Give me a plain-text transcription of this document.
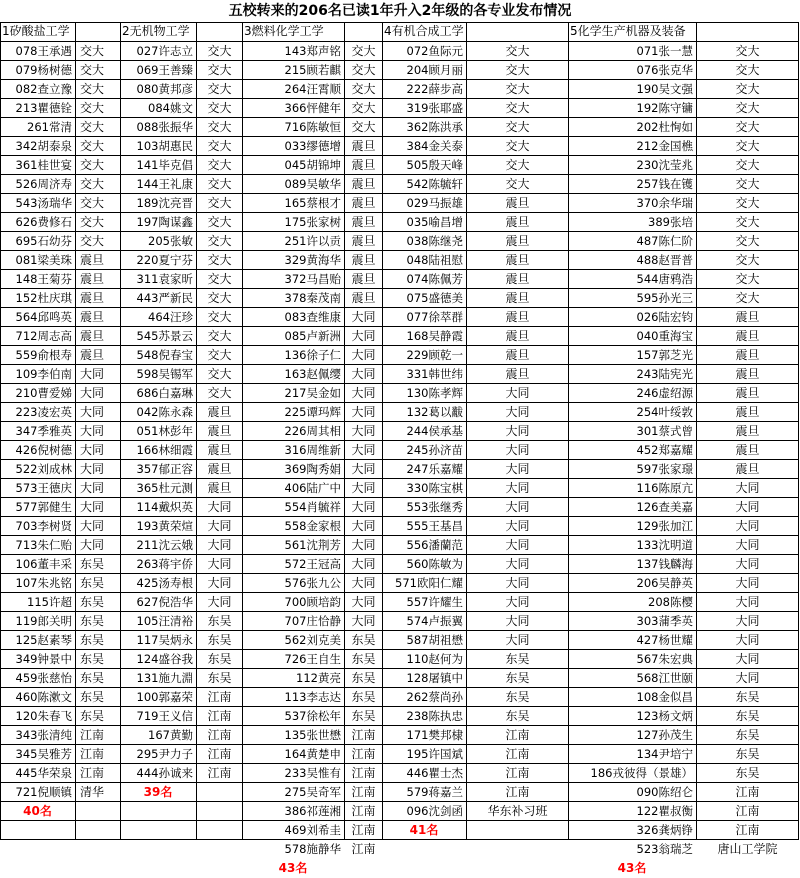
五校转来的206名已读1年升入2年级的各专业发布情况
1矽酸盐工学
078王承遇 交大
079杨树德 交大
082查立豫 交大
213瞿德铨 交大
261常清 交大
342胡泰泉 交大
361桂世宴 交大
526周济寿 交大
543汤瑞华 交大
626费修石 交大
695石幼芬 交大
081梁美珠 震旦
148王菊芬 震旦
152杜庆琪 震旦
564邱鸣英 震旦
712周志高 震旦
559俞根寿 震旦
109李伯南 大同
210曹爱娣 大同
223凌宏英 大同
347季雅英 大同
426倪树德 大同
522刘成林 大同
573王德庆 大同
577郭健生 大同
703李树贤 大同
713朱仁贻 大同
106董丰采 东吴
107朱兆铭 东吴
115许超 东吴
119郎关明 东吴
125赵素琴 东吴
349钟景中 东吴
459张慈怡 东吴
460陈漱文 东吴
120朱春飞 东吴
343张清纯 江南
345吴雅芳 江南
445华荣泉 江南
721倪顺镇 清华
40名
2无机物工学
027许志立	交大
069王善臻	交大
080黄邦彦	交大
084姚文	交大
088张振华	交大
103胡惠民	交大
141毕克倡	交大
144王礼康	交大
189沈亮晋	交大
197陶谋鑫	交大
205张敏	交大
220夏宁芬	交大
311袁家昕	交大
443严新民	交大
464汪珍	交大
545苏景云	交大
548倪春宝	交大
598吴锡军	交大
686白嘉琳	交大
042陈永森	震旦
051林彭年	震旦
166林细霞	震旦
357郁正容	震旦
365杜元测	震旦
114戴炽英	大同
193黄荣煊	大同
211沈云娥	大同
263蒋宇侨	大同
425汤寿根	大同
627倪浩华	大同
105汪清裕	东吴
117吴炳永	东吴
124盛谷我	东吴
131施九淵	东吴
100郭嘉荣	江南
719王义信	江南
167黄勤	江南
295尹力子	江南
444孙诚来	江南
39名
3燃料化学工学
143郑声铭 交大
215顾若麒 交大
264汪霄顺 交大
366怦健年 交大
716陈敏恒 交大
033缪德增 震旦
045胡锦坤 震旦
089吴敏华 震旦
165蔡根才 震旦
175张家树 震旦
251许以贡 震旦
329黄海华 震旦
372马昌贻 震旦
378秦茂南 震旦
083查维康 大同
085卢新洲 大同
136徐子仁 大同
163赵佩缨 大同
217吴金如 大同
225谭玛辉 大同
226周其相 大同
316周维新 大同
369陶秀娟 大同
406陆广中 大同
554肖毓祥 大同
558金家根 大同
561沈荆芳 大同
572王冠高 大同
576张九公 大同
700顾培韵 大同
707庄恰静 大同
562刘克美 东吴
726王自生 东吴
112黄亮 东吴
113李志达 东吴
537徐松年 东吴
135张世懋 江南
164黄楚申 江南
233吴惟有 江南
275吴奇军 江南
386祁莲湘 江南
469刘希圭 江南
578施静华 江南
43名
4有机合成工学
072鱼际元	交大
204顾月丽	交大
222薛步高	交大
319张耶盛	交大
362陈洪承	交大
384金关泰	交大
505殷天峰	交大
542陈毓轩	交大
029马振雄	震旦
035喻昌增	震旦
038陈继尧	震旦
048陆祖慰	震旦
074陈佩芳	震旦
075盛德美	震旦
077徐萃群	震旦
168吴静霞	震旦
229顾乾一	震旦
331韩世纬	震旦
130陈孝辉	大同
132葛以黻	大同
244侯承基	大同
245孙济苗	大同
247乐嘉耀	大同
330陈宝棋	大同
553张继秀	大同
555王基昌	大同
556潘蘭范	大同
560陈敏为	大同
571欧阳仁耀	大同
557许耀生	大同
574卢振翼	大同
587胡祖懋	大同
110赵何为	东吴
128屠镇中	东吴
262蔡尚孙	东吴
238陈执忠	东吴
171樊邦棣	江南
195许国斌	江南
446瞿士杰	江南
579蒋嘉兰	江南
096沈剑函	华东补习班
41名
5化学生产机器及装备
071张一慧	交大
076张克华	交大
190吴文强	交大
192陈守镛	交大
202杜恂如	交大
212金国樵	交大
230沈莹兆	交大
257钱在镬	交大
370余华瑞	交大
389张培	交大
487陈仁阶	交大
488赵晋普	交大
544唐鸦浩	交大
595孙光三	交大
026陆宏钧	震旦
040重海宝	震旦
157郭芝光	震旦
243陆宪光	震旦
246虚绍源	震旦
254叶绥敦	震旦
301蔡式曾	震旦
452郑嘉耀	震旦
597张家璟	震旦
116陈原亢	大同
126查美嘉	大同
129张加江	大同
133沈明道	大同
137钱麟海	大同
206吴静英	大同
208陈樱	大同
303蒲季英	大同
427杨世耀	大同
567朱宏典	大同
568江世颐	大同
108金似昌	东吴
123杨文炳	东吴
127孙茂生	东吴
134尹培宁	东吴
186戎彼得（景雄）	东吴
090陈绍仑	江南
122瞿叔衡	江南
326龚炳铮	江南
523翁瑞芝	唐山工学院
43名
